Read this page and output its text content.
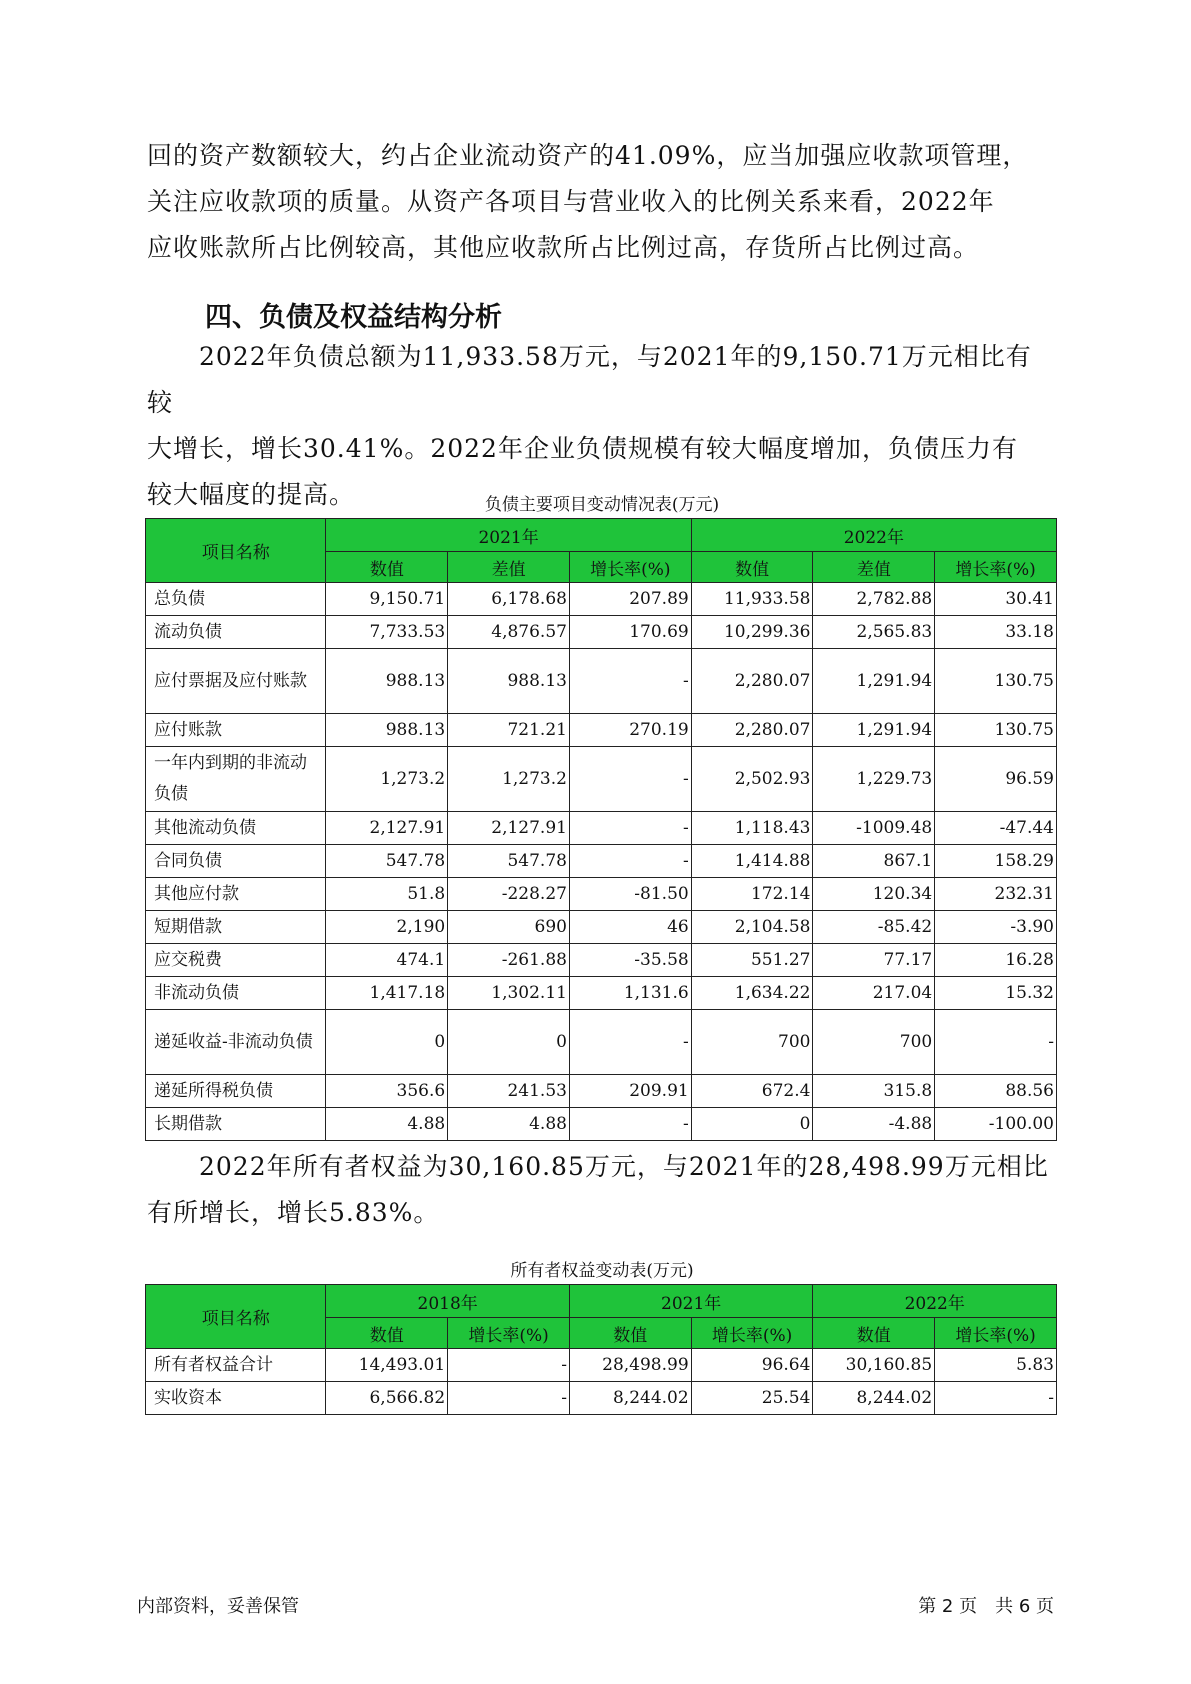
回的资产数额较大，约占企业流动资产的41.09%，应当加强应收款项管理，

关注应收款项的质量。从资产各项目与营业收入的比例关系来看，2022年

应收账款所占比例较高，其他应收款所占比例过高，存货所占比例过高。

四、负债及权益结构分析

　　2022年负债总额为11,933.58万元，与2021年的9,150.71万元相比有较

大增长，增长30.41%。2022年企业负债规模有较大幅度增加，负债压力有

较大幅度的提高。	负债主要项目变动情况表(万元)
项目名称	2021年			2022年		
	数值	差值	增长率(%)	数值	差值	增长率(%)
总负债	9,150.71	6,178.68	207.89	11,933.58	2,782.88	30.41
流动负债	7,733.53	4,876.57	170.69	10,299.36	2,565.83	33.18
应付票据及应付账款	988.13	988.13	-	2,280.07	1,291.94	130.75
应付账款	988.13	721.21	270.19	2,280.07	1,291.94	130.75
一年内到期的非流动负债	1,273.2	1,273.2	-	2,502.93	1,229.73	96.59
其他流动负债	2,127.91	2,127.91	-	1,118.43	-1009.48	-47.44
合同负债	547.78	547.78	-	1,414.88	867.1	158.29
其他应付款	51.8	-228.27	-81.50	172.14	120.34	232.31
短期借款	2,190	690	46	2,104.58	-85.42	-3.90
应交税费	474.1	-261.88	-35.58	551.27	77.17	16.28
非流动负债	1,417.18	1,302.11	1,131.6	1,634.22	217.04	15.32
递延收益-非流动负债	0	0	-	700	700	-
递延所得税负债	356.6	241.53	209.91	672.4	315.8	88.56
长期借款	4.88	4.88	-	0	-4.88	-100.00

　　2022年所有者权益为30,160.85万元，与2021年的28,498.99万元相比

有所增长，增长5.83%。

所有者权益变动表(万元)
项目名称	2018年		2021年		2022年	
	数值	增长率(%)	数值	增长率(%)	数值	增长率(%)
所有者权益合计	14,493.01	-	28,498.99	96.64	30,160.85	5.83
实收资本	6,566.82	-	8,244.02	25.54	8,244.02	-
内部资料，妥善保管	第 2 页　共 6 页
